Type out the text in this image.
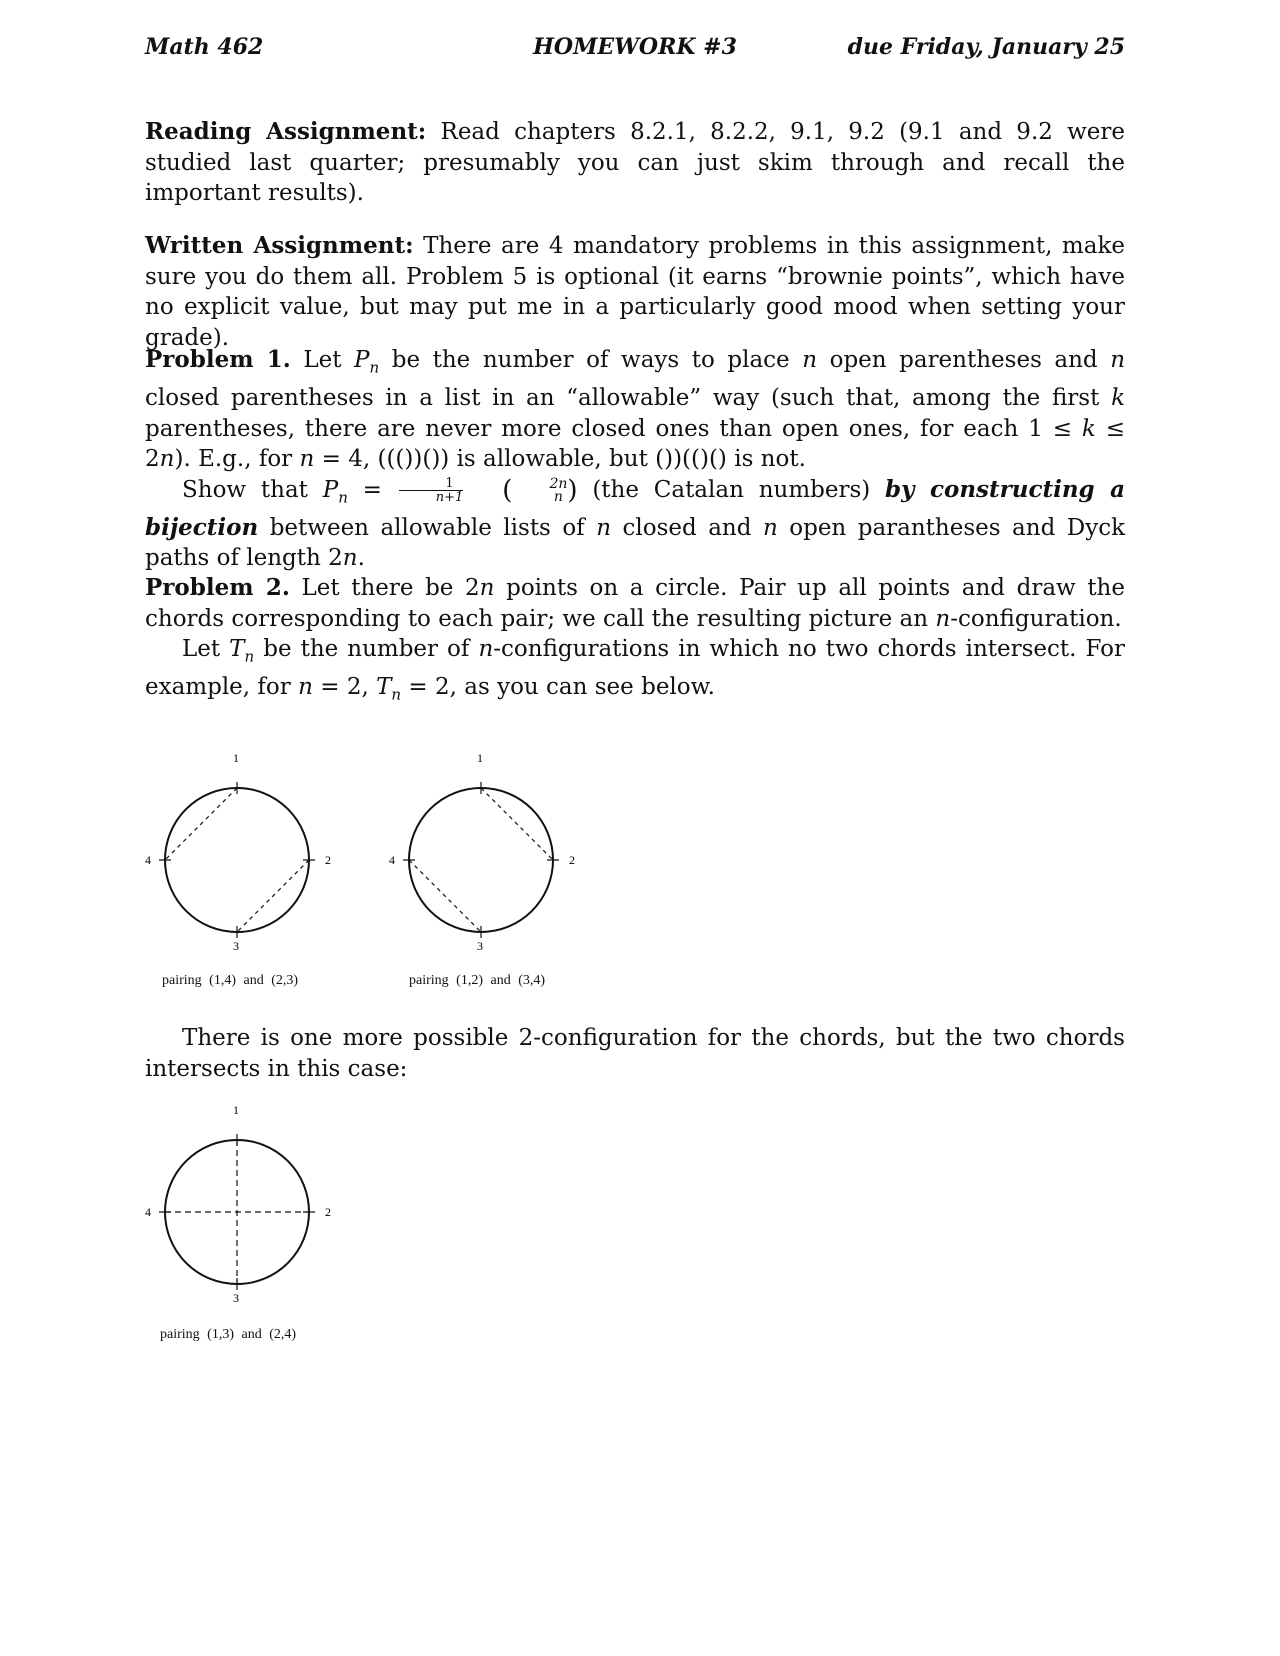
Math 462	HOMEWORK #3	due Friday, January 25
Reading Assignment: Read chapters 8.2.1, 8.2.2, 9.1, 9.2 (9.1 and 9.2 were studied last quarter; presumably you can just skim through and recall the important results).
Written Assignment: There are 4 mandatory problems in this assignment, make sure you do them all. Problem 5 is optional (it earns “brownie points”, which have no explicit value, but may put me in a particularly good mood when setting your grade).
Problem 1. Let $P_n$ be the number of ways to place n open parentheses and n closed parentheses in a list in an “allowable” way (such that, among the first k parentheses, there are never more closed ones than open ones, for each 1 ≤ k ≤ 2n). E.g., for n = 4, ((())()) is allowable, but ())(()() is not.
Show that $P_n = \frac{1}{n+1}$ (	2n
n ) (the Catalan numbers) by constructing a bijection between allowable lists of n closed and n open parantheses and Dyck paths of length 2n.
Problem 2. Let there be 2n points on a circle. Pair up all points and draw the chords corresponding to each pair; we call the resulting picture an n-configuration.
Let $T_n$ be the number of n-configurations in which no two chords intersect. For example, for n = 2, $T_n = 2$, as you can see below.
1
2
3
4
pairing (1,4) and (2,3)
1
2
3
4
pairing (1,2) and (3,4)
There is one more possible 2-configuration for the chords, but the two chords intersects in this case:
1
2
3
4
pairing (1,3) and (2,4)
